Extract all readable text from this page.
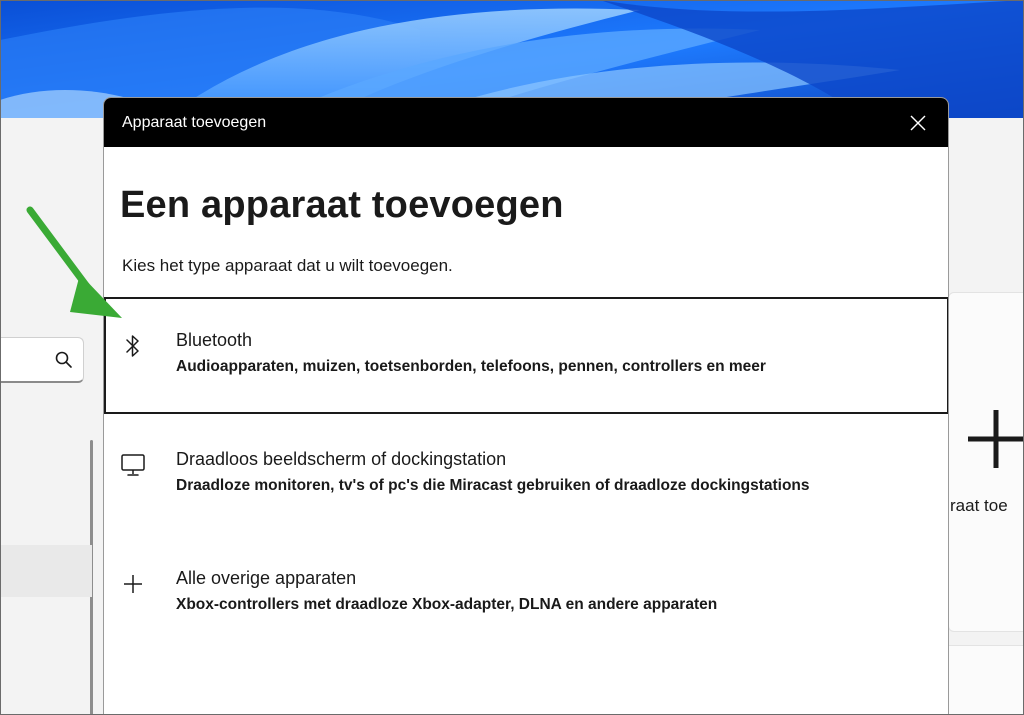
raat toe
Apparaat toevoegen
Een apparaat toevoegen
Kies het type apparaat dat u wilt toevoegen.
Bluetooth
Audioapparaten, muizen, toetsenborden, telefoons, pennen, controllers en meer
Draadloos beeldscherm of dockingstation
Draadloze monitoren, tv's of pc's die Miracast gebruiken of draadloze dockingstations
Alle overige apparaten
Xbox-controllers met draadloze Xbox-adapter, DLNA en andere apparaten
